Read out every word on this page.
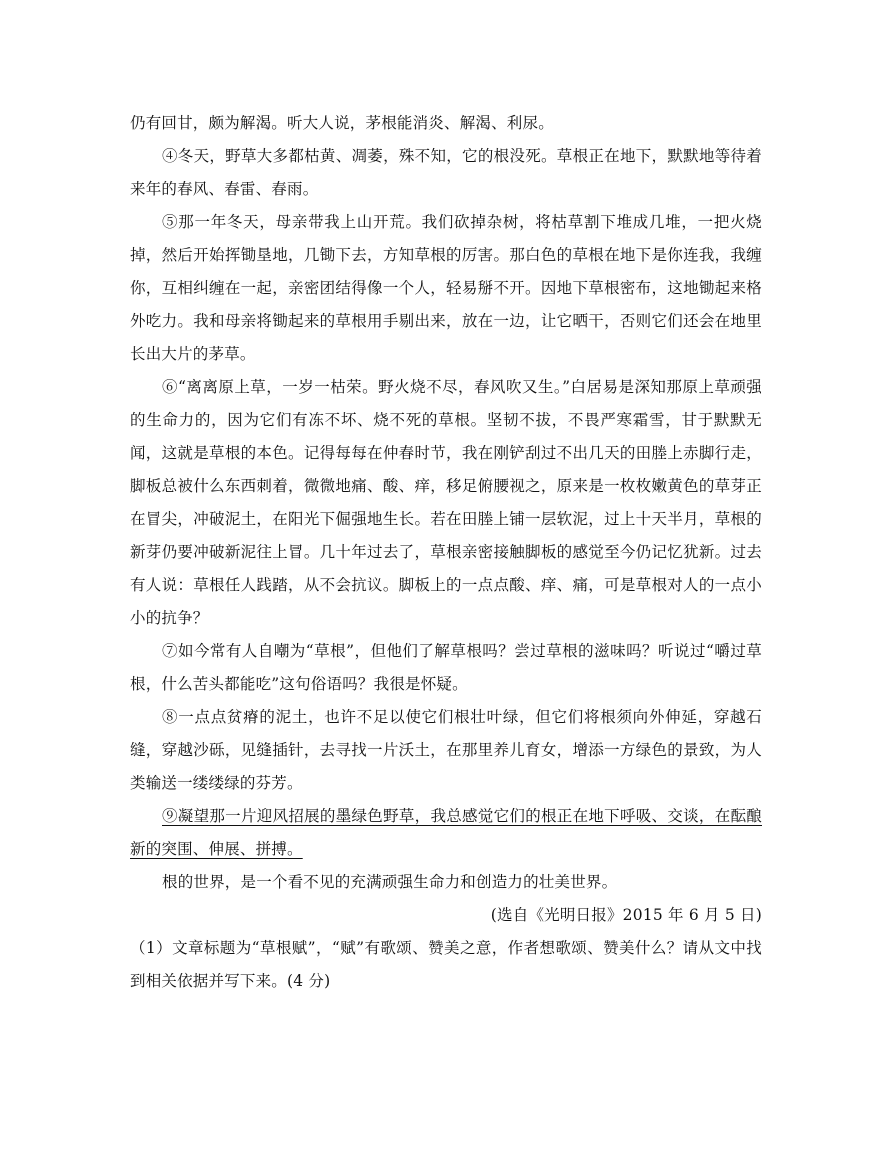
仍有回甘，颇为解渴。听大人说，茅根能消炎、解渴、利尿。

④冬天，野草大多都枯黄、凋萎，殊不知，它的根没死。草根正在地下，默默地等待着来年的春风、春雷、春雨。

⑤那一年冬天，母亲带我上山开荒。我们砍掉杂树，将枯草割下堆成几堆，一把火烧掉，然后开始挥锄垦地，几锄下去，方知草根的厉害。那白色的草根在地下是你连我，我缠你，互相纠缠在一起，亲密团结得像一个人，轻易掰不开。因地下草根密布，这地锄起来格外吃力。我和母亲将锄起来的草根用手剔出来，放在一边，让它晒干，否则它们还会在地里长出大片的茅草。

⑥“离离原上草，一岁一枯荣。野火烧不尽，春风吹又生。”白居易是深知那原上草顽强的生命力的，因为它们有冻不坏、烧不死的草根。坚韧不拔，不畏严寒霜雪，甘于默默无闻，这就是草根的本色。记得每每在仲春时节，我在刚铲刮过不出几天的田塍上赤脚行走，脚板总被什么东西刺着，微微地痛、酸、痒，移足俯腰视之，原来是一枚枚嫩黄色的草芽正在冒尖，冲破泥土，在阳光下倔强地生长。若在田塍上铺一层软泥，过上十天半月，草根的新芽仍要冲破新泥往上冒。几十年过去了，草根亲密接触脚板的感觉至今仍记忆犹新。过去有人说：草根任人践踏，从不会抗议。脚板上的一点点酸、痒、痛，可是草根对人的一点小小的抗争？

⑦如今常有人自嘲为“草根”，但他们了解草根吗？尝过草根的滋味吗？听说过“嚼过草根，什么苦头都能吃”这句俗语吗？我很是怀疑。

⑧一点点贫瘠的泥土，也许不足以使它们根壮叶绿，但它们将根须向外伸延，穿越石缝，穿越沙砾，见缝插针，去寻找一片沃土，在那里养儿育女，增添一方绿色的景致，为人类输送一缕缕绿的芬芳。

⑨凝望那一片迎风招展的墨绿色野草，我总感觉它们的根正在地下呼吸、交谈，在酝酿新的突围、伸展、拼搏。

根的世界，是一个看不见的充满顽强生命力和创造力的壮美世界。

(选自《光明日报》2015 年 6 月 5 日)

（1）文章标题为“草根赋”，“赋”有歌颂、赞美之意，作者想歌颂、赞美什么？请从文中找到相关依据并写下来。(4 分)
